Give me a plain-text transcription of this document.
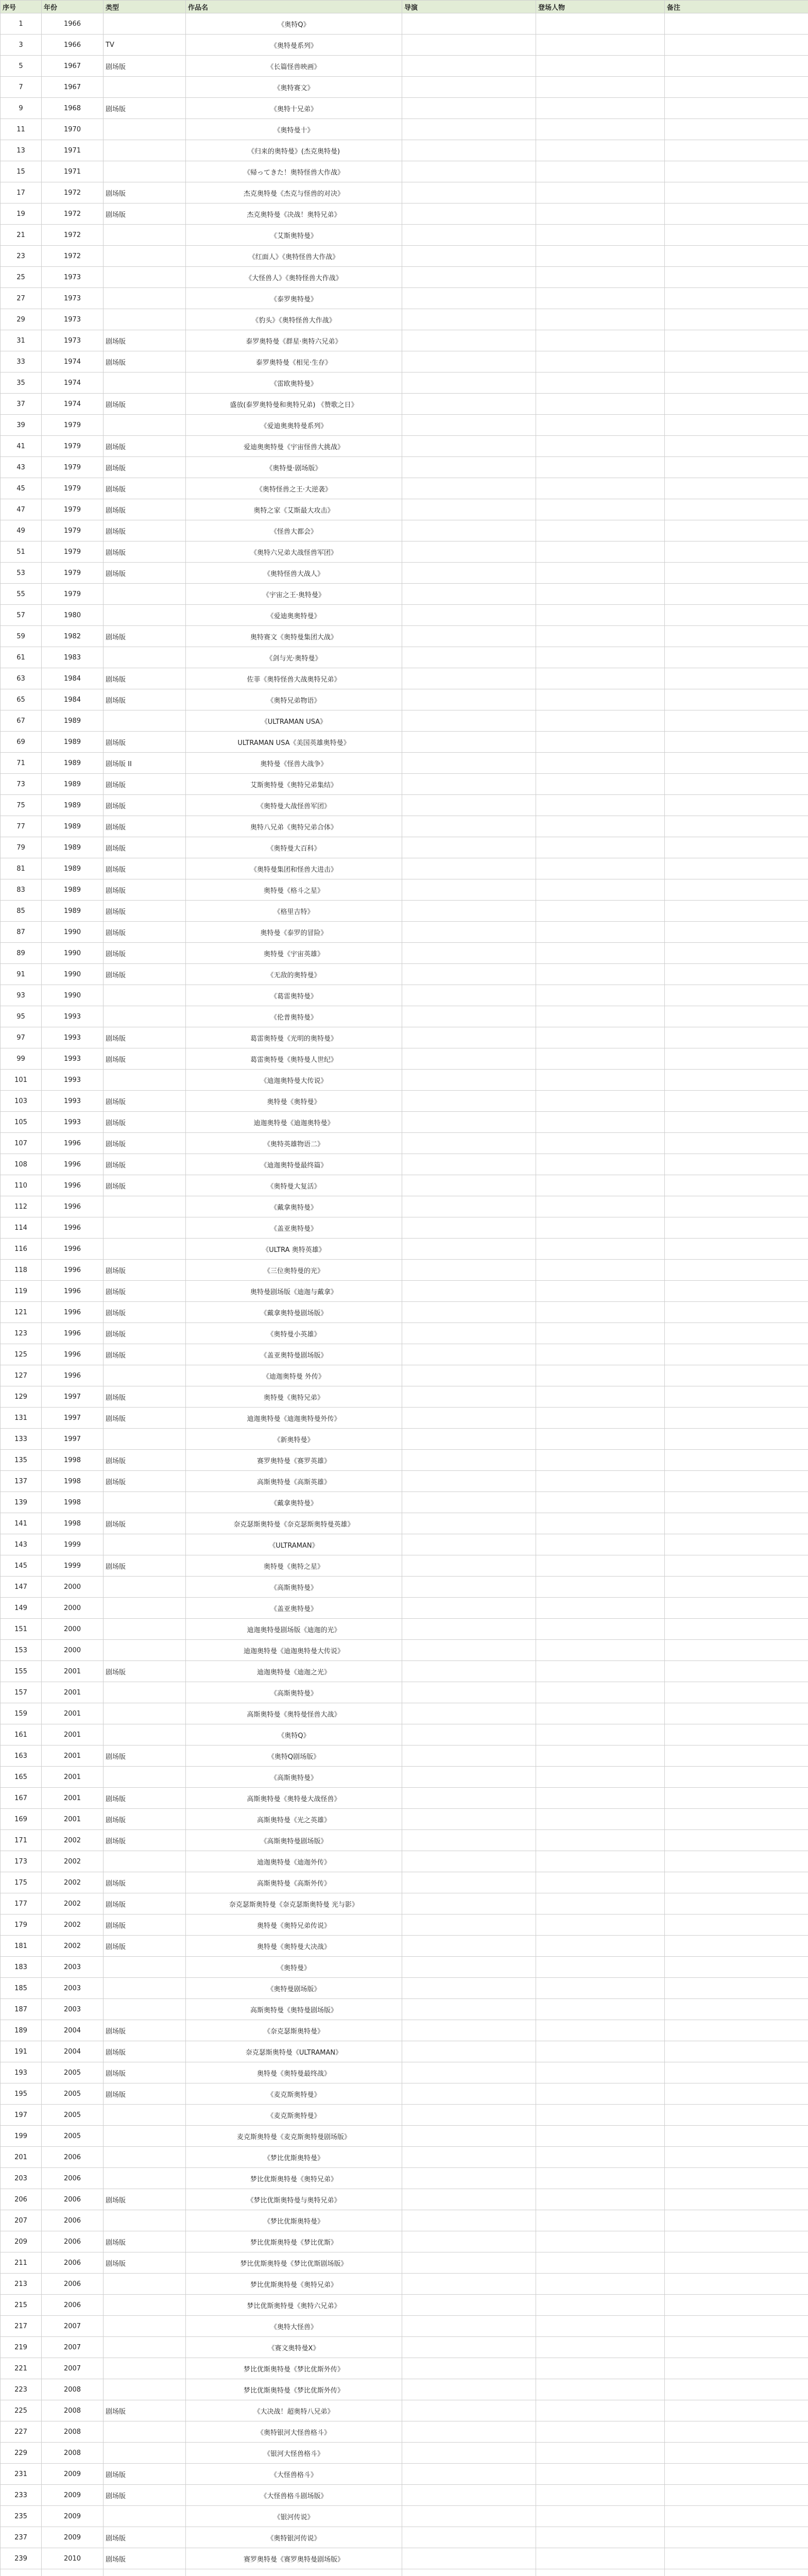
序号	年份	类型	作品名	导演	登场人物	备注
1	1966		《奥特Q》			
3	1966	TV	《奥特曼系列》			
5	1967	剧场版	《长篇怪兽映画》			
7	1967		《奥特赛文》			
9	1968	剧场版	《奥特十兄弟》			
11	1970		《奥特曼十》			
13	1971		《归来的奥特曼》(杰克奥特曼)			
15	1971		《帰ってきた！奥特怪兽大作战》			
17	1972	剧场版	杰克奥特曼《杰克与怪兽的对决》			
19	1972	剧场版	杰克奥特曼《决战！奥特兄弟》			
21	1972		《艾斯奥特曼》			
23	1972		《红面人》《奥特怪兽大作战》			
25	1973		《大怪兽人》《奥特怪兽大作战》			
27	1973		《泰罗奥特曼》			
29	1973		《豹头》《奥特怪兽大作战》			
31	1973	剧场版	泰罗奥特曼《群星·奥特六兄弟》			
33	1974	剧场版	泰罗奥特曼《相见·生存》			
35	1974		《雷欧奥特曼》			
37	1974	剧场版	盛放(泰罗奥特曼和奥特兄弟) 《赞歌之日》			
39	1979		《爱迪奥奥特曼系列》			
41	1979	剧场版	爱迪奥奥特曼《宇宙怪兽大挑战》			
43	1979	剧场版	《奥特曼·剧场版》			
45	1979	剧场版	《奥特怪兽之王·大逆袭》			
47	1979	剧场版	奥特之家《艾斯最大攻击》			
49	1979	剧场版	《怪兽大都会》			
51	1979	剧场版	《奥特六兄弟大战怪兽军团》			
53	1979	剧场版	《奥特怪兽大战人》			
55	1979		《宇宙之王·奥特曼》			
57	1980		《爱迪奥奥特曼》			
59	1982	剧场版	奥特赛文《奥特曼集团大战》			
61	1983		《剑与光·奥特曼》			
63	1984	剧场版	佐菲《奥特怪兽大战奥特兄弟》			
65	1984	剧场版	《奥特兄弟物语》			
67	1989		《ULTRAMAN USA》			
69	1989	剧场版	ULTRAMAN USA《美国英雄奥特曼》			
71	1989	剧场版 II	奥特曼《怪兽大战争》			
73	1989	剧场版	艾斯奥特曼《奥特兄弟集结》			
75	1989	剧场版	《奥特曼大战怪兽军团》			
77	1989	剧场版	奥特八兄弟《奥特兄弟合体》			
79	1989	剧场版	《奥特曼大百科》			
81	1989	剧场版	《奥特曼集团和怪兽大进击》			
83	1989	剧场版	奥特曼《格斗之星》			
85	1989	剧场版	《格里吉特》			
87	1990	剧场版	奥特曼《泰罗的冒险》			
89	1990	剧场版	奥特曼《宇宙英雄》			
91	1990	剧场版	《无敌的奥特曼》			
93	1990		《葛雷奥特曼》			
95	1993		《伦普奥特曼》			
97	1993	剧场版	葛雷奥特曼《光明的奥特曼》			
99	1993	剧场版	葛雷奥特曼《奥特曼人世纪》			
101	1993		《迪迦奥特曼大传说》			
103	1993	剧场版	奥特曼《奥特曼》			
105	1993	剧场版	迪迦奥特曼《迪迦奥特曼》			
107	1996	剧场版	《奥特英雄物语二》			
108	1996	剧场版	《迪迦奥特曼最终篇》			
110	1996	剧场版	《奥特曼大复活》			
112	1996		《戴拿奥特曼》			
114	1996		《盖亚奥特曼》			
116	1996		《ULTRA 奥特英雄》			
118	1996	剧场版	《三位奥特曼的光》			
119	1996	剧场版	奥特曼剧场版《迪迦与戴拿》			
121	1996	剧场版	《戴拿奥特曼剧场版》			
123	1996	剧场版	《奥特曼小英雄》			
125	1996	剧场版	《盖亚奥特曼剧场版》			
127	1996		《迪迦奥特曼 外传》			
129	1997	剧场版	奥特曼《奥特兄弟》			
131	1997	剧场版	迪迦奥特曼《迪迦奥特曼外传》			
133	1997		《新奥特曼》			
135	1998	剧场版	赛罗奥特曼《赛罗英雄》			
137	1998	剧场版	高斯奥特曼《高斯英雄》			
139	1998		《戴拿奥特曼》			
141	1998	剧场版	奈克瑟斯奥特曼《奈克瑟斯奥特曼英雄》			
143	1999		《ULTRAMAN》			
145	1999	剧场版	奥特曼《奥特之星》			
147	2000		《高斯奥特曼》			
149	2000		《盖亚奥特曼》			
151	2000		迪迦奥特曼剧场版《迪迦的光》			
153	2000		迪迦奥特曼《迪迦奥特曼大传说》			
155	2001	剧场版	迪迦奥特曼《迪迦之光》			
157	2001		《高斯奥特曼》			
159	2001		高斯奥特曼《奥特曼怪兽大战》			
161	2001		《奥特Q》			
163	2001	剧场版	《奥特Q剧场版》			
165	2001		《高斯奥特曼》			
167	2001	剧场版	高斯奥特曼《奥特曼大战怪兽》			
169	2001	剧场版	高斯奥特曼《光之英雄》			
171	2002	剧场版	《高斯奥特曼剧场版》			
173	2002		迪迦奥特曼《迪迦外传》			
175	2002	剧场版	高斯奥特曼《高斯外传》			
177	2002	剧场版	奈克瑟斯奥特曼《奈克瑟斯奥特曼 光与影》			
179	2002	剧场版	奥特曼《奥特兄弟传说》			
181	2002	剧场版	奥特曼《奥特曼大决战》			
183	2003		《奥特曼》			
185	2003		《奥特曼剧场版》			
187	2003		高斯奥特曼《奥特曼剧场版》			
189	2004	剧场版	《奈克瑟斯奥特曼》			
191	2004	剧场版	奈克瑟斯奥特曼《ULTRAMAN》			
193	2005	剧场版	奥特曼《奥特曼最终战》			
195	2005	剧场版	《麦克斯奥特曼》			
197	2005		《麦克斯奥特曼》			
199	2005		麦克斯奥特曼《麦克斯奥特曼剧场版》			
201	2006		《梦比优斯奥特曼》			
203	2006		梦比优斯奥特曼《奥特兄弟》			
206	2006	剧场版	《梦比优斯奥特曼与奥特兄弟》			
207	2006		《梦比优斯奥特曼》			
209	2006	剧场版	梦比优斯奥特曼《梦比优斯》			
211	2006	剧场版	梦比优斯奥特曼《梦比优斯剧场版》			
213	2006		梦比优斯奥特曼《奥特兄弟》			
215	2006		梦比优斯奥特曼《奥特六兄弟》			
217	2007		《奥特大怪兽》			
219	2007		《赛文奥特曼X》			
221	2007		梦比优斯奥特曼《梦比优斯外传》			
223	2008		梦比优斯奥特曼《梦比优斯外传》			
225	2008	剧场版	《大决战！超奥特八兄弟》			
227	2008		《奥特银河大怪兽格斗》			
229	2008		《银河大怪兽格斗》			
231	2009	剧场版	《大怪兽格斗》			
233	2009	剧场版	《大怪兽格斗剧场版》			
235	2009		《银河传说》			
237	2009	剧场版	《奥特银河传说》			
239	2010	剧场版	赛罗奥特曼《赛罗奥特曼剧场版》			
